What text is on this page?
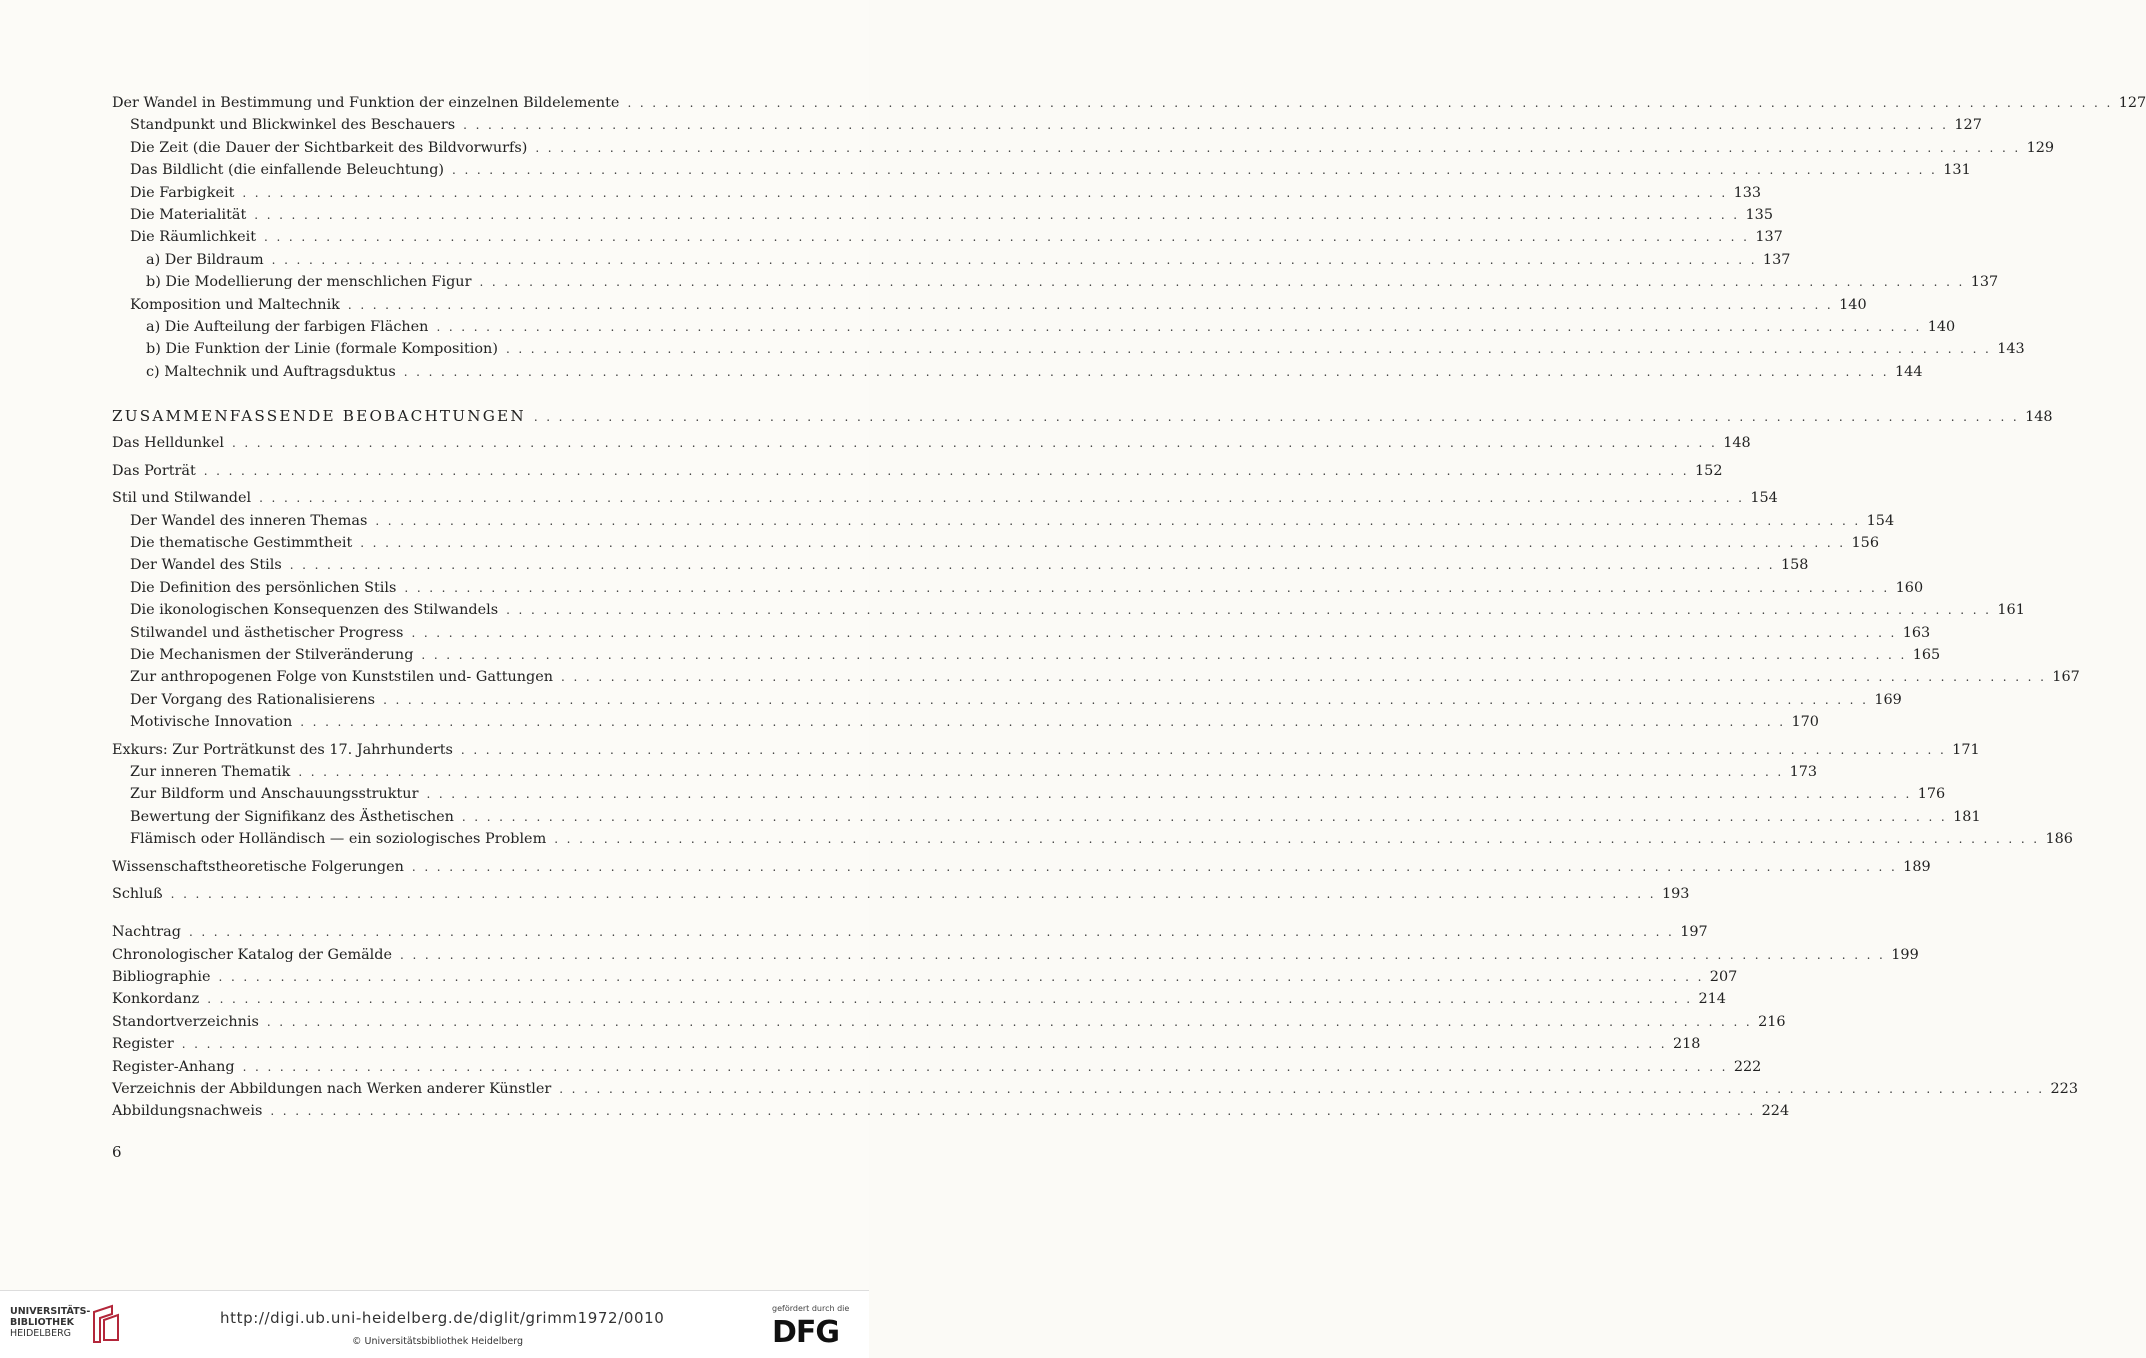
Der Wandel in Bestimmung und Funktion der einzelnen Bildelemente . . . . . . . . . . . . . . . . . . . . . . . . . . . . . . . . . . . . . . . . . . . . . . . . . . . . . . . . . . . . . . . . . . . . . . . . . . . . . . . . . . . . . . . . . . . . . . . . . . . . . . . . . . . . . . . . . . . . . . . . 127
Standpunkt und Blickwinkel des Beschauers . . . . . . . . . . . . . . . . . . . . . . . . . . . . . . . . . . . . . . . . . . . . . . . . . . . . . . . . . . . . . . . . . . . . . . . . . . . . . . . . . . . . . . . . . . . . . . . . . . . . . . . . . . . . . . . . . . . . . . . . 127
Die Zeit (die Dauer der Sichtbarkeit des Bildvorwurfs) . . . . . . . . . . . . . . . . . . . . . . . . . . . . . . . . . . . . . . . . . . . . . . . . . . . . . . . . . . . . . . . . . . . . . . . . . . . . . . . . . . . . . . . . . . . . . . . . . . . . . . . . . . . . . . . . . . . . . . . . 129
Das Bildlicht (die einfallende Beleuchtung) . . . . . . . . . . . . . . . . . . . . . . . . . . . . . . . . . . . . . . . . . . . . . . . . . . . . . . . . . . . . . . . . . . . . . . . . . . . . . . . . . . . . . . . . . . . . . . . . . . . . . . . . . . . . . . . . . . . . . . . . 131
Die Farbigkeit . . . . . . . . . . . . . . . . . . . . . . . . . . . . . . . . . . . . . . . . . . . . . . . . . . . . . . . . . . . . . . . . . . . . . . . . . . . . . . . . . . . . . . . . . . . . . . . . . . . . . . . . . . . . . . . . . . . . . . . . 133
Die Materialität . . . . . . . . . . . . . . . . . . . . . . . . . . . . . . . . . . . . . . . . . . . . . . . . . . . . . . . . . . . . . . . . . . . . . . . . . . . . . . . . . . . . . . . . . . . . . . . . . . . . . . . . . . . . . . . . . . . . . . . . 135
Die Räumlichkeit . . . . . . . . . . . . . . . . . . . . . . . . . . . . . . . . . . . . . . . . . . . . . . . . . . . . . . . . . . . . . . . . . . . . . . . . . . . . . . . . . . . . . . . . . . . . . . . . . . . . . . . . . . . . . . . . . . . . . . . . 137
a) Der Bildraum . . . . . . . . . . . . . . . . . . . . . . . . . . . . . . . . . . . . . . . . . . . . . . . . . . . . . . . . . . . . . . . . . . . . . . . . . . . . . . . . . . . . . . . . . . . . . . . . . . . . . . . . . . . . . . . . . . . . . . . . 137
b) Die Modellierung der menschlichen Figur . . . . . . . . . . . . . . . . . . . . . . . . . . . . . . . . . . . . . . . . . . . . . . . . . . . . . . . . . . . . . . . . . . . . . . . . . . . . . . . . . . . . . . . . . . . . . . . . . . . . . . . . . . . . . . . . . . . . . . . . 137
Komposition und Maltechnik . . . . . . . . . . . . . . . . . . . . . . . . . . . . . . . . . . . . . . . . . . . . . . . . . . . . . . . . . . . . . . . . . . . . . . . . . . . . . . . . . . . . . . . . . . . . . . . . . . . . . . . . . . . . . . . . . . . . . . . . 140
a) Die Aufteilung der farbigen Flächen . . . . . . . . . . . . . . . . . . . . . . . . . . . . . . . . . . . . . . . . . . . . . . . . . . . . . . . . . . . . . . . . . . . . . . . . . . . . . . . . . . . . . . . . . . . . . . . . . . . . . . . . . . . . . . . . . . . . . . . . 140
b) Die Funktion der Linie (formale Komposition) . . . . . . . . . . . . . . . . . . . . . . . . . . . . . . . . . . . . . . . . . . . . . . . . . . . . . . . . . . . . . . . . . . . . . . . . . . . . . . . . . . . . . . . . . . . . . . . . . . . . . . . . . . . . . . . . . . . . . . . . 143
c) Maltechnik und Auftragsduktus . . . . . . . . . . . . . . . . . . . . . . . . . . . . . . . . . . . . . . . . . . . . . . . . . . . . . . . . . . . . . . . . . . . . . . . . . . . . . . . . . . . . . . . . . . . . . . . . . . . . . . . . . . . . . . . . . . . . . . . . 144
ZUSAMMENFASSENDE BEOBACHTUNGEN . . . . . . . . . . . . . . . . . . . . . . . . . . . . . . . . . . . . . . . . . . . . . . . . . . . . . . . . . . . . . . . . . . . . . . . . . . . . . . . . . . . . . . . . . . . . . . . . . . . . . . . . . . . . . . . . . . . . . . . . 148
Das Helldunkel . . . . . . . . . . . . . . . . . . . . . . . . . . . . . . . . . . . . . . . . . . . . . . . . . . . . . . . . . . . . . . . . . . . . . . . . . . . . . . . . . . . . . . . . . . . . . . . . . . . . . . . . . . . . . . . . . . . . . . . . 148
Das Porträt . . . . . . . . . . . . . . . . . . . . . . . . . . . . . . . . . . . . . . . . . . . . . . . . . . . . . . . . . . . . . . . . . . . . . . . . . . . . . . . . . . . . . . . . . . . . . . . . . . . . . . . . . . . . . . . . . . . . . . . . 152
Stil und Stilwandel . . . . . . . . . . . . . . . . . . . . . . . . . . . . . . . . . . . . . . . . . . . . . . . . . . . . . . . . . . . . . . . . . . . . . . . . . . . . . . . . . . . . . . . . . . . . . . . . . . . . . . . . . . . . . . . . . . . . . . . . 154
Der Wandel des inneren Themas . . . . . . . . . . . . . . . . . . . . . . . . . . . . . . . . . . . . . . . . . . . . . . . . . . . . . . . . . . . . . . . . . . . . . . . . . . . . . . . . . . . . . . . . . . . . . . . . . . . . . . . . . . . . . . . . . . . . . . . . 154
Die thematische Gestimmtheit . . . . . . . . . . . . . . . . . . . . . . . . . . . . . . . . . . . . . . . . . . . . . . . . . . . . . . . . . . . . . . . . . . . . . . . . . . . . . . . . . . . . . . . . . . . . . . . . . . . . . . . . . . . . . . . . . . . . . . . . 156
Der Wandel des Stils . . . . . . . . . . . . . . . . . . . . . . . . . . . . . . . . . . . . . . . . . . . . . . . . . . . . . . . . . . . . . . . . . . . . . . . . . . . . . . . . . . . . . . . . . . . . . . . . . . . . . . . . . . . . . . . . . . . . . . . . 158
Die Definition des persönlichen Stils . . . . . . . . . . . . . . . . . . . . . . . . . . . . . . . . . . . . . . . . . . . . . . . . . . . . . . . . . . . . . . . . . . . . . . . . . . . . . . . . . . . . . . . . . . . . . . . . . . . . . . . . . . . . . . . . . . . . . . . . 160
Die ikonologischen Konsequenzen des Stilwandels . . . . . . . . . . . . . . . . . . . . . . . . . . . . . . . . . . . . . . . . . . . . . . . . . . . . . . . . . . . . . . . . . . . . . . . . . . . . . . . . . . . . . . . . . . . . . . . . . . . . . . . . . . . . . . . . . . . . . . . . 161
Stilwandel und ästhetischer Progress . . . . . . . . . . . . . . . . . . . . . . . . . . . . . . . . . . . . . . . . . . . . . . . . . . . . . . . . . . . . . . . . . . . . . . . . . . . . . . . . . . . . . . . . . . . . . . . . . . . . . . . . . . . . . . . . . . . . . . . . 163
Die Mechanismen der Stilveränderung . . . . . . . . . . . . . . . . . . . . . . . . . . . . . . . . . . . . . . . . . . . . . . . . . . . . . . . . . . . . . . . . . . . . . . . . . . . . . . . . . . . . . . . . . . . . . . . . . . . . . . . . . . . . . . . . . . . . . . . . 165
Zur anthropogenen Folge von Kunststilen und- Gattungen . . . . . . . . . . . . . . . . . . . . . . . . . . . . . . . . . . . . . . . . . . . . . . . . . . . . . . . . . . . . . . . . . . . . . . . . . . . . . . . . . . . . . . . . . . . . . . . . . . . . . . . . . . . . . . . . . . . . . . . . 167
Der Vorgang des Rationalisierens . . . . . . . . . . . . . . . . . . . . . . . . . . . . . . . . . . . . . . . . . . . . . . . . . . . . . . . . . . . . . . . . . . . . . . . . . . . . . . . . . . . . . . . . . . . . . . . . . . . . . . . . . . . . . . . . . . . . . . . . 169
Motivische Innovation . . . . . . . . . . . . . . . . . . . . . . . . . . . . . . . . . . . . . . . . . . . . . . . . . . . . . . . . . . . . . . . . . . . . . . . . . . . . . . . . . . . . . . . . . . . . . . . . . . . . . . . . . . . . . . . . . . . . . . . . 170
Exkurs: Zur Porträtkunst des 17. Jahrhunderts . . . . . . . . . . . . . . . . . . . . . . . . . . . . . . . . . . . . . . . . . . . . . . . . . . . . . . . . . . . . . . . . . . . . . . . . . . . . . . . . . . . . . . . . . . . . . . . . . . . . . . . . . . . . . . . . . . . . . . . . 171
Zur inneren Thematik . . . . . . . . . . . . . . . . . . . . . . . . . . . . . . . . . . . . . . . . . . . . . . . . . . . . . . . . . . . . . . . . . . . . . . . . . . . . . . . . . . . . . . . . . . . . . . . . . . . . . . . . . . . . . . . . . . . . . . . . 173
Zur Bildform und Anschauungsstruktur . . . . . . . . . . . . . . . . . . . . . . . . . . . . . . . . . . . . . . . . . . . . . . . . . . . . . . . . . . . . . . . . . . . . . . . . . . . . . . . . . . . . . . . . . . . . . . . . . . . . . . . . . . . . . . . . . . . . . . . . 176
Bewertung der Signifikanz des Ästhetischen . . . . . . . . . . . . . . . . . . . . . . . . . . . . . . . . . . . . . . . . . . . . . . . . . . . . . . . . . . . . . . . . . . . . . . . . . . . . . . . . . . . . . . . . . . . . . . . . . . . . . . . . . . . . . . . . . . . . . . . . 181
Flämisch oder Holländisch — ein soziologisches Problem . . . . . . . . . . . . . . . . . . . . . . . . . . . . . . . . . . . . . . . . . . . . . . . . . . . . . . . . . . . . . . . . . . . . . . . . . . . . . . . . . . . . . . . . . . . . . . . . . . . . . . . . . . . . . . . . . . . . . . . . 186
Wissenschaftstheoretische Folgerungen . . . . . . . . . . . . . . . . . . . . . . . . . . . . . . . . . . . . . . . . . . . . . . . . . . . . . . . . . . . . . . . . . . . . . . . . . . . . . . . . . . . . . . . . . . . . . . . . . . . . . . . . . . . . . . . . . . . . . . . . 189
Schluß . . . . . . . . . . . . . . . . . . . . . . . . . . . . . . . . . . . . . . . . . . . . . . . . . . . . . . . . . . . . . . . . . . . . . . . . . . . . . . . . . . . . . . . . . . . . . . . . . . . . . . . . . . . . . . . . . . . . . . . . 193
Nachtrag . . . . . . . . . . . . . . . . . . . . . . . . . . . . . . . . . . . . . . . . . . . . . . . . . . . . . . . . . . . . . . . . . . . . . . . . . . . . . . . . . . . . . . . . . . . . . . . . . . . . . . . . . . . . . . . . . . . . . . . . 197
Chronologischer Katalog der Gemälde . . . . . . . . . . . . . . . . . . . . . . . . . . . . . . . . . . . . . . . . . . . . . . . . . . . . . . . . . . . . . . . . . . . . . . . . . . . . . . . . . . . . . . . . . . . . . . . . . . . . . . . . . . . . . . . . . . . . . . . . 199
Bibliographie . . . . . . . . . . . . . . . . . . . . . . . . . . . . . . . . . . . . . . . . . . . . . . . . . . . . . . . . . . . . . . . . . . . . . . . . . . . . . . . . . . . . . . . . . . . . . . . . . . . . . . . . . . . . . . . . . . . . . . . . 207
Konkordanz . . . . . . . . . . . . . . . . . . . . . . . . . . . . . . . . . . . . . . . . . . . . . . . . . . . . . . . . . . . . . . . . . . . . . . . . . . . . . . . . . . . . . . . . . . . . . . . . . . . . . . . . . . . . . . . . . . . . . . . . 214
Standortverzeichnis . . . . . . . . . . . . . . . . . . . . . . . . . . . . . . . . . . . . . . . . . . . . . . . . . . . . . . . . . . . . . . . . . . . . . . . . . . . . . . . . . . . . . . . . . . . . . . . . . . . . . . . . . . . . . . . . . . . . . . . . 216
Register . . . . . . . . . . . . . . . . . . . . . . . . . . . . . . . . . . . . . . . . . . . . . . . . . . . . . . . . . . . . . . . . . . . . . . . . . . . . . . . . . . . . . . . . . . . . . . . . . . . . . . . . . . . . . . . . . . . . . . . . 218
Register-Anhang . . . . . . . . . . . . . . . . . . . . . . . . . . . . . . . . . . . . . . . . . . . . . . . . . . . . . . . . . . . . . . . . . . . . . . . . . . . . . . . . . . . . . . . . . . . . . . . . . . . . . . . . . . . . . . . . . . . . . . . . 222
Verzeichnis der Abbildungen nach Werken anderer Künstler . . . . . . . . . . . . . . . . . . . . . . . . . . . . . . . . . . . . . . . . . . . . . . . . . . . . . . . . . . . . . . . . . . . . . . . . . . . . . . . . . . . . . . . . . . . . . . . . . . . . . . . . . . . . . . . . . . . . . . . . 223
Abbildungsnachweis . . . . . . . . . . . . . . . . . . . . . . . . . . . . . . . . . . . . . . . . . . . . . . . . . . . . . . . . . . . . . . . . . . . . . . . . . . . . . . . . . . . . . . . . . . . . . . . . . . . . . . . . . . . . . . . . . . . . . . . . 224
6
UNIVERSITÄTS-
BIBLIOTHEK
HEIDELBERG
http://digi.ub.uni-heidelberg.de/diglit/grimm1972/0010
© Universitätsbibliothek Heidelberg
gefördert durch die
DFG
